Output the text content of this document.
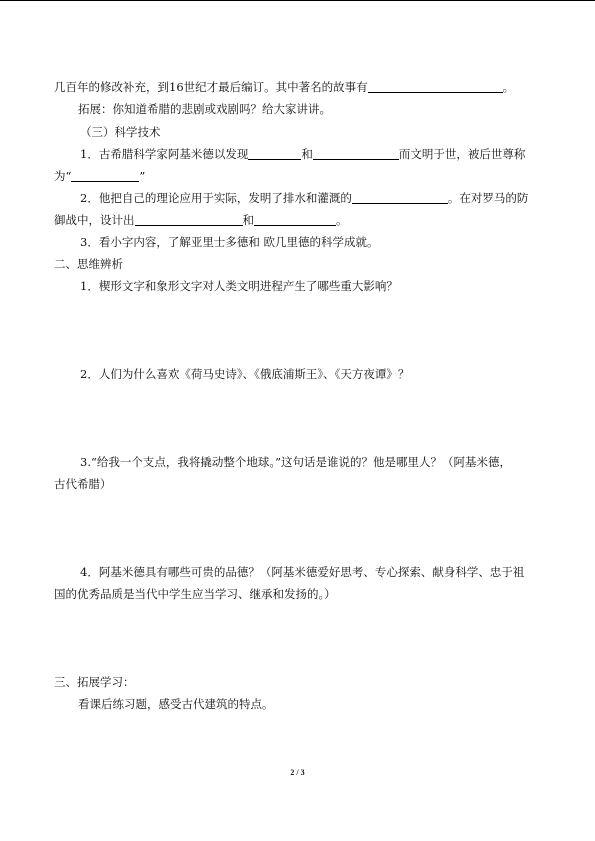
几百年的修改补充，到16世纪才最后编订。其中著名的故事有	。
拓展：你知道希腊的悲剧或戏剧吗？给大家讲讲。
（三）科学技术
1．古希腊科学家阿基米德以发现	和	而文明于世，被后世尊称
为“	”
2．他把自己的理论应用于实际，发明了排水和灌溉的	。在对罗马的防
御战中，设计出	和	。
3．看小字内容，了解亚里士多德和 欧几里德的科学成就。
二、思维辨析
1．楔形文字和象形文字对人类文明进程产生了哪些重大影响？
2．人们为什么喜欢《荷马史诗》、《俄底浦斯王》、《天方夜谭》？
3.“给我一个支点，我将撬动整个地球。”这句话是谁说的？他是哪里人？（阿基米德，
古代希腊）
4．阿基米德具有哪些可贵的品德？（阿基米德爱好思考、专心探索、献身科学、忠于祖
国的优秀品质是当代中学生应当学习、继承和发扬的。）
三、拓展学习：
看课后练习题，感受古代建筑的特点。
2 / 3
